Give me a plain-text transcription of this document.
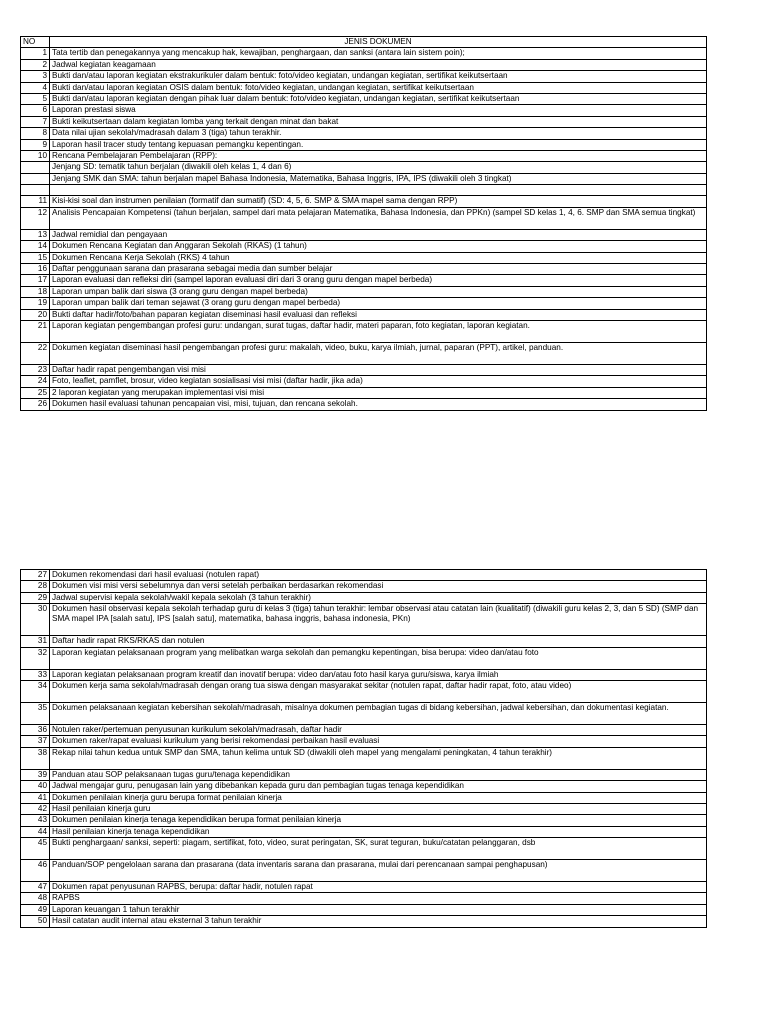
NO	JENIS DOKUMEN
1	Tata tertib dan penegakannya yang mencakup hak, kewajiban, penghargaan, dan sanksi (antara lain sistem poin);
2	Jadwal kegiatan keagamaan
3	Bukti dan/atau laporan kegiatan ekstrakurikuler dalam bentuk: foto/video kegiatan, undangan kegiatan, sertifikat keikutsertaan
4	Bukti dan/atau laporan kegiatan OSIS dalam bentuk: foto/video kegiatan, undangan kegiatan, sertifikat keikutsertaan
5	Bukti dan/atau laporan kegiatan dengan pihak luar dalam bentuk: foto/video kegiatan, undangan kegiatan, sertifikat keikutsertaan
6	Laporan prestasi siswa
7	Bukti keikutsertaan dalam kegiatan lomba yang terkait dengan minat dan bakat
8	Data nilai ujian sekolah/madrasah dalam 3 (tiga) tahun terakhir.
9	Laporan hasil tracer study tentang kepuasan pemangku kepentingan.
10	Rencana Pembelajaran Pembelajaran (RPP):
	Jenjang SD: tematik tahun berjalan (diwakili oleh kelas 1, 4 dan 6)
	Jenjang SMK dan SMA: tahun berjalan mapel Bahasa Indonesia, Matematika, Bahasa Inggris, IPA, IPS (diwakili oleh 3 tingkat)

11	Kisi-kisi soal dan instrumen penilaian (formatif dan sumatif) (SD: 4, 5, 6. SMP & SMA mapel sama dengan RPP)
12	Analisis Pencapaian Kompetensi (tahun berjalan, sampel dari mata pelajaran Matematika, Bahasa Indonesia, dan PPKn) (sampel SD kelas 1, 4, 6. SMP dan SMA semua tingkat)
13	Jadwal remidial dan pengayaan
14	Dokumen Rencana Kegiatan dan Anggaran Sekolah (RKAS) (1 tahun)
15	Dokumen Rencana Kerja Sekolah (RKS) 4 tahun
16	Daftar penggunaan sarana dan prasarana sebagai media dan sumber belajar
17	Laporan evaluasi dan refleksi diri (sampel laporan evaluasi diri dari 3 orang guru dengan mapel berbeda)
18	Laporan umpan balik dari siswa (3 orang guru dengan mapel berbeda)
19	Laporan umpan balik dari teman sejawat (3 orang guru dengan mapel berbeda)
20	Bukti daftar hadir/foto/bahan paparan kegiatan diseminasi hasil evaluasi dan refleksi
21	Laporan kegiatan pengembangan profesi guru: undangan, surat tugas, daftar hadir, materi paparan, foto kegiatan, laporan kegiatan.
22	Dokumen kegiatan diseminasi hasil pengembangan profesi guru: makalah, video, buku, karya ilmiah, jurnal, paparan (PPT), artikel, panduan.
23	Daftar hadir rapat pengembangan visi misi
24	Foto, leaflet, pamflet, brosur, video kegiatan sosialisasi visi misi (daftar hadir, jika ada)
25	2 laporan kegiatan yang merupakan implementasi visi misi
26	Dokumen hasil evaluasi tahunan pencapaian visi, misi, tujuan, dan rencana sekolah.
27	Dokumen rekomendasi dari hasil evaluasi (notulen rapat)
28	Dokumen visi misi versi sebelumnya dan versi setelah perbaikan berdasarkan rekomendasi
29	Jadwal supervisi kepala sekolah/wakil kepala sekolah (3 tahun terakhir)
30	Dokumen hasil observasi kepala sekolah terhadap guru di kelas 3 (tiga) tahun terakhir: lembar observasi atau catatan lain (kualitatif) (diwakili guru kelas 2, 3, dan 5 SD) (SMP dan SMA mapel IPA [salah satu], IPS [salah satu], matematika, bahasa inggris, bahasa indonesia, PKn)
31	Daftar hadir rapat RKS/RKAS dan notulen
32	Laporan kegiatan pelaksanaan program yang melibatkan warga sekolah dan pemangku kepentingan, bisa berupa: video dan/atau foto
33	Laporan kegiatan pelaksanaan program kreatif dan inovatif berupa: video dan/atau foto hasil karya guru/siswa, karya ilmiah
34	Dokumen kerja sama sekolah/madrasah dengan orang tua siswa dengan masyarakat sekitar (notulen rapat, daftar hadir rapat, foto, atau video)
35	Dokumen pelaksanaan kegiatan kebersihan sekolah/madrasah, misalnya dokumen pembagian tugas di bidang kebersihan, jadwal kebersihan, dan dokumentasi kegiatan.
36	Notulen raker/pertemuan penyusunan kurikulum sekolah/madrasah, daftar hadir
37	Dokumen raker/rapat evaluasi kurikulum yang berisi rekomendasi perbaikan hasil evaluasi
38	Rekap nilai tahun kedua untuk SMP dan SMA, tahun kelima untuk SD (diwakili oleh mapel yang mengalami peningkatan, 4 tahun terakhir)
39	Panduan atau SOP pelaksanaan tugas guru/tenaga kependidikan
40	Jadwal mengajar guru, penugasan lain yang dibebankan kepada guru dan pembagian tugas tenaga kependidikan
41	Dokumen penilaian kinerja guru berupa format penilaian kinerja
42	Hasil penilaian kinerja guru
43	Dokumen penilaian kinerja tenaga kependidikan berupa format penilaian kinerja
44	Hasil penilaian kinerja tenaga kependidikan
45	Bukti penghargaan/ sanksi, seperti: piagam, sertifikat, foto, video, surat peringatan, SK, surat teguran, buku/catatan pelanggaran, dsb
46	Panduan/SOP pengelolaan sarana dan prasarana (data inventaris sarana dan prasarana, mulai dari perencanaan sampai penghapusan)
47	Dokumen rapat penyusunan RAPBS, berupa: daftar hadir, notulen rapat
48	RAPBS
49	Laporan keuangan 1 tahun terakhir
50	Hasil catatan audit internal atau eksternal 3 tahun terakhir
